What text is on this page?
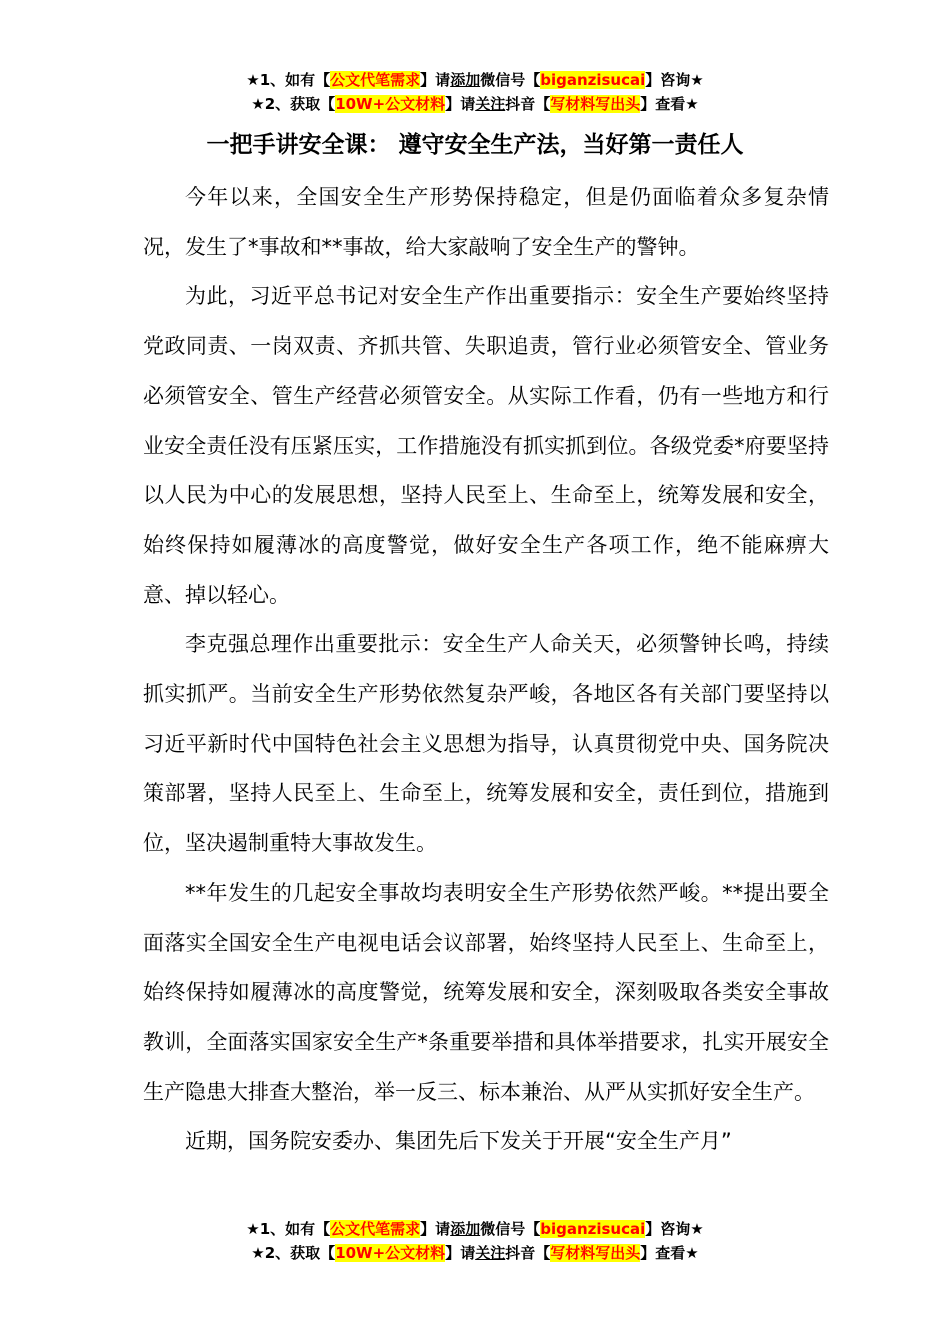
★1、如有【公文代笔需求】请添加微信号【biganzisucai】咨询★
★2、获取【10W+公文材料】请关注抖音【写材料写出头】查看★
一把手讲安全课： 遵守安全生产法，当好第一责任人

今年以来，全国安全生产形势保持稳定，但是仍面临着众多复杂情况，发生了*事故和**事故，给大家敲响了安全生产的警钟。

为此，习近平总书记对安全生产作出重要指示：安全生产要始终坚持党政同责、一岗双责、齐抓共管、失职追责，管行业必须管安全、管业务必须管安全、管生产经营必须管安全。从实际工作看，仍有一些地方和行业安全责任没有压紧压实，工作措施没有抓实抓到位。各级党委*府要坚持以人民为中心的发展思想，坚持人民至上、生命至上，统筹发展和安全，始终保持如履薄冰的高度警觉，做好安全生产各项工作，绝不能麻痹大意、掉以轻心。

李克强总理作出重要批示：安全生产人命关天，必须警钟长鸣，持续抓实抓严。当前安全生产形势依然复杂严峻，各地区各有关部门要坚持以习近平新时代中国特色社会主义思想为指导，认真贯彻党中央、国务院决策部署，坚持人民至上、生命至上，统筹发展和安全，责任到位，措施到位，坚决遏制重特大事故发生。

**年发生的几起安全事故均表明安全生产形势依然严峻。**提出要全面落实全国安全生产电视电话会议部署，始终坚持人民至上、生命至上，始终保持如履薄冰的高度警觉，统筹发展和安全，深刻吸取各类安全事故教训，全面落实国家安全生产*条重要举措和具体举措要求，扎实开展安全生产隐患大排查大整治，举一反三、标本兼治、从严从实抓好安全生产。

近期，国务院安委办、集团先后下发关于开展“安全生产月”

★1、如有【公文代笔需求】请添加微信号【biganzisucai】咨询★
★2、获取【10W+公文材料】请关注抖音【写材料写出头】查看★
